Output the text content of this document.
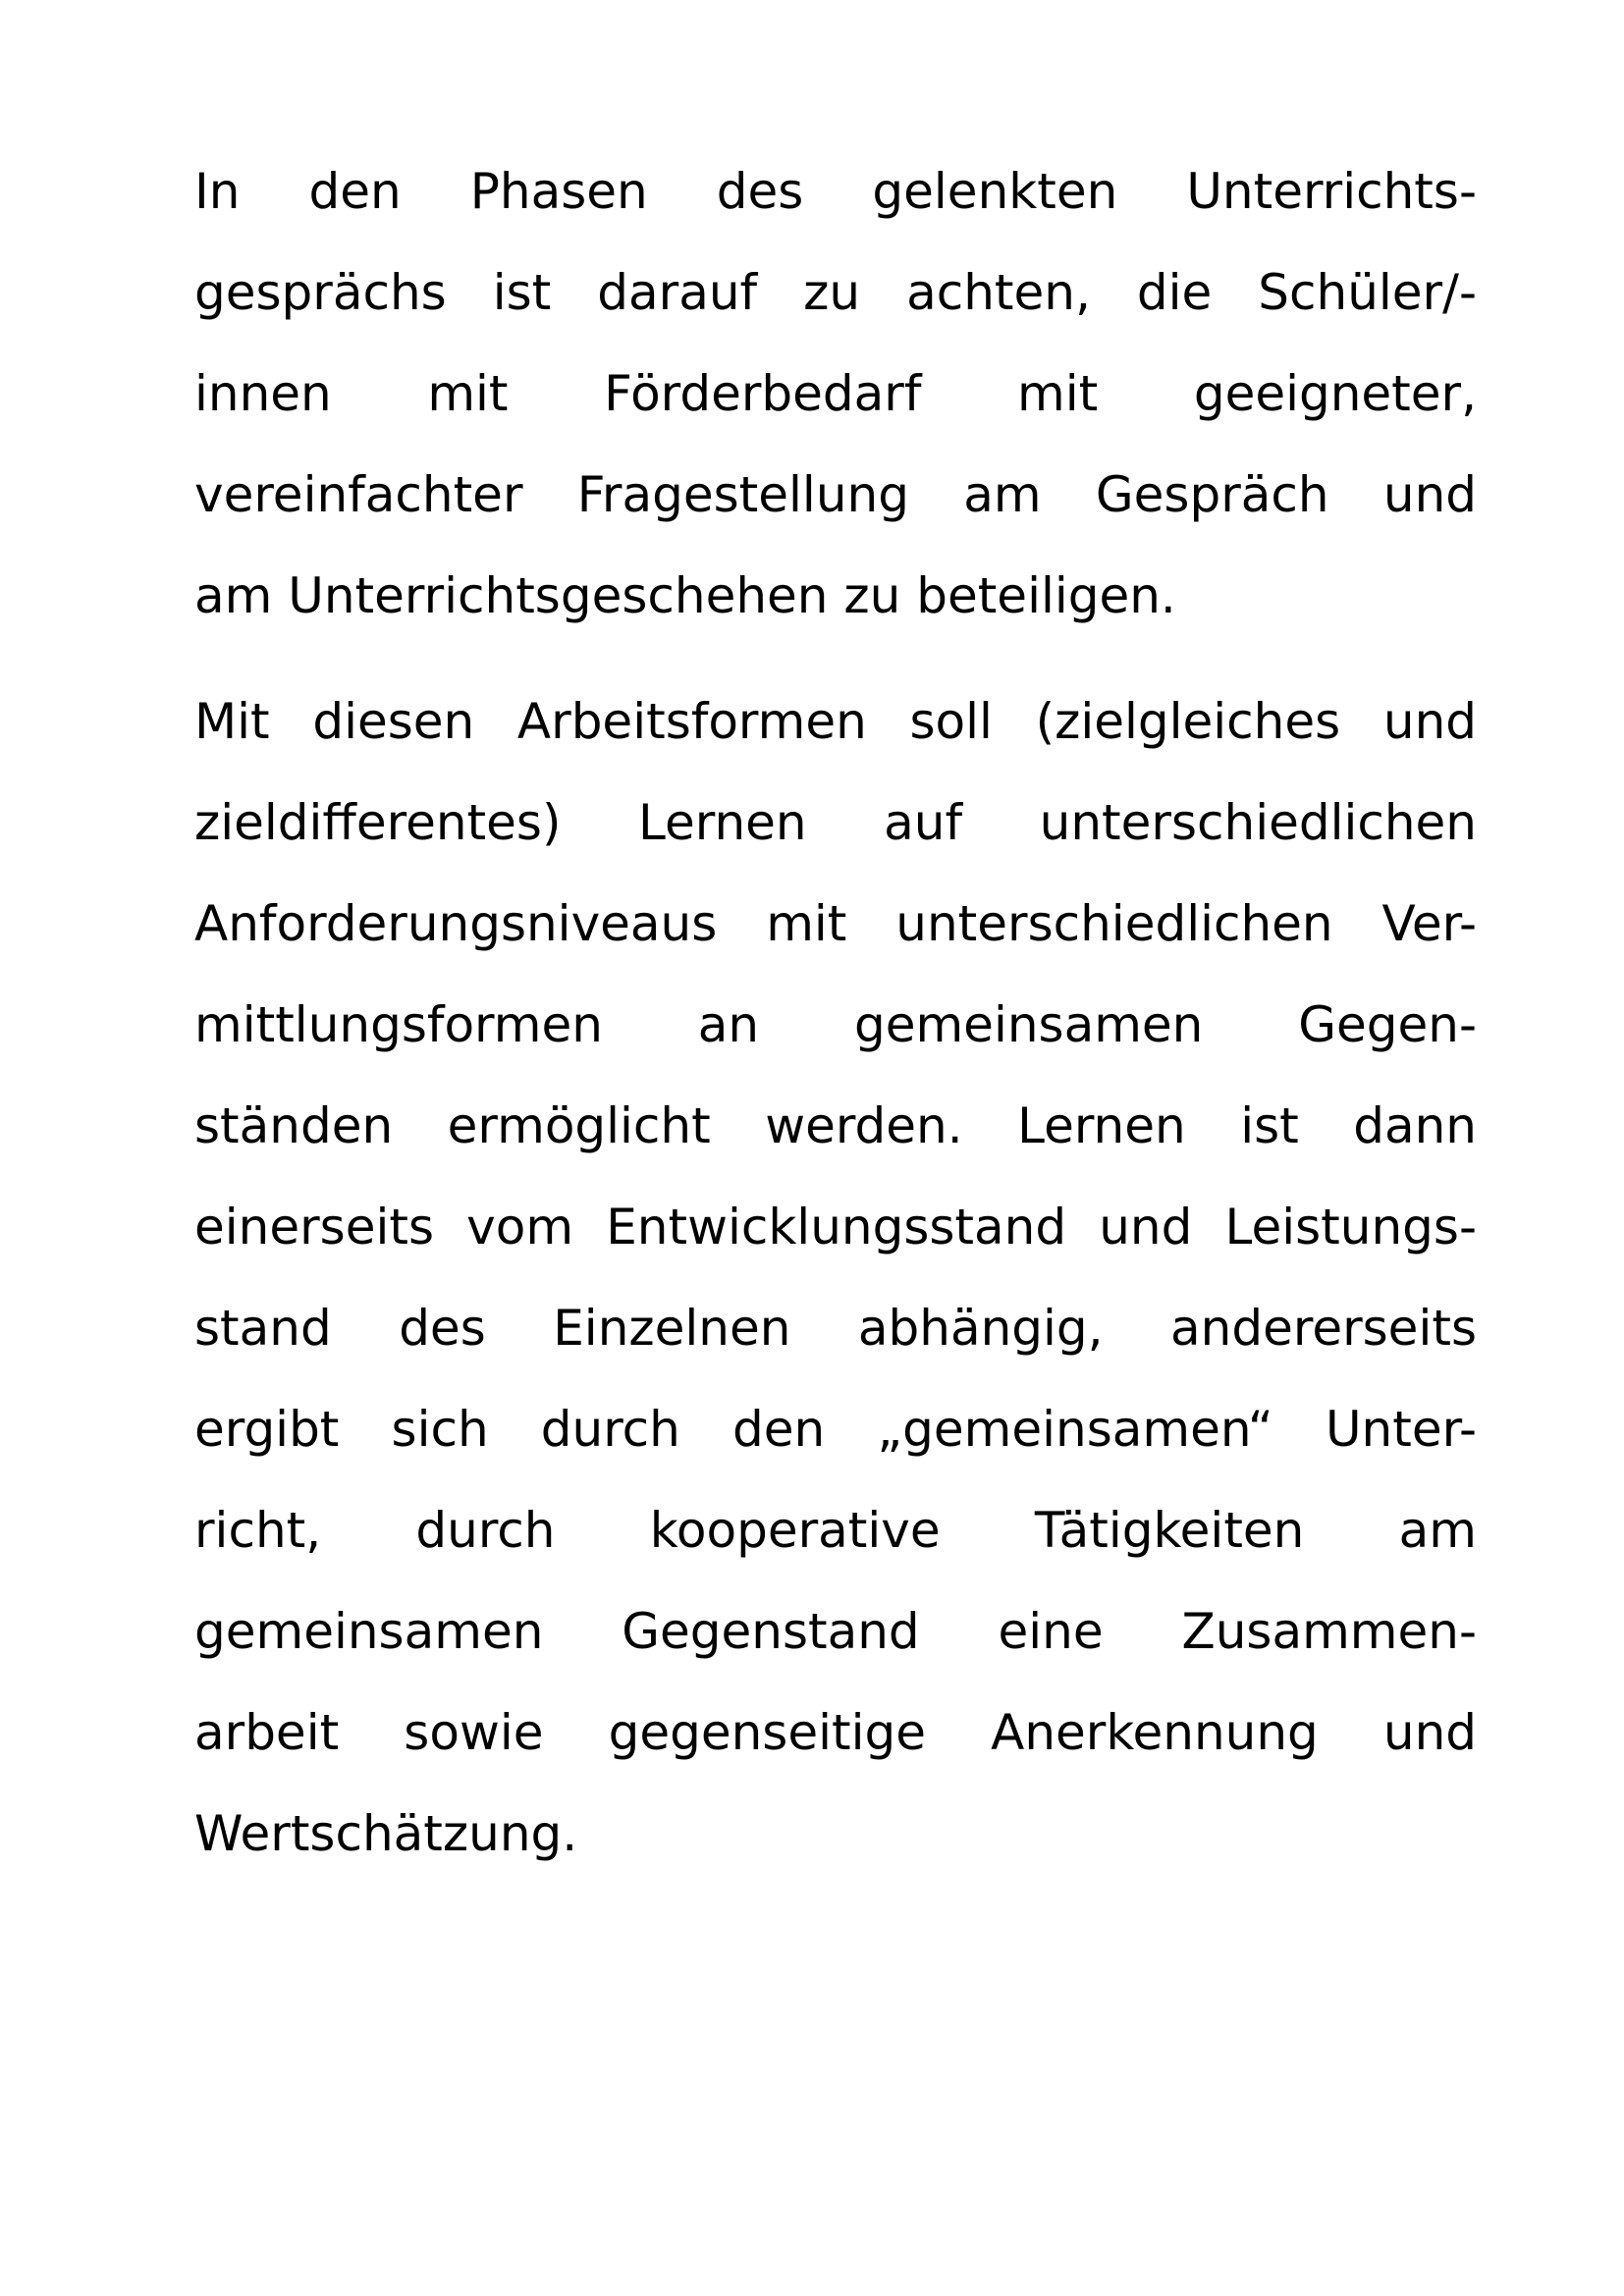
In den Phasen des gelenkten Unterrichts-
gesprächs ist darauf zu achten, die Schüler/-
innen mit Förderbedarf mit geeigneter,
vereinfachter Fragestellung am Gespräch und
am Unterrichtsgeschehen zu beteiligen.
Mit diesen Arbeitsformen soll (zielgleiches und
zieldifferentes) Lernen auf unterschiedlichen
Anforderungsniveaus mit unterschiedlichen Ver-
mittlungsformen an gemeinsamen Gegen-
ständen ermöglicht werden. Lernen ist dann
einerseits vom Entwicklungsstand und Leistungs-
stand des Einzelnen abhängig, andererseits
ergibt sich durch den „gemeinsamen“ Unter-
richt, durch kooperative Tätigkeiten am
gemeinsamen Gegenstand eine Zusammen-
arbeit sowie gegenseitige Anerkennung und
Wertschätzung.
